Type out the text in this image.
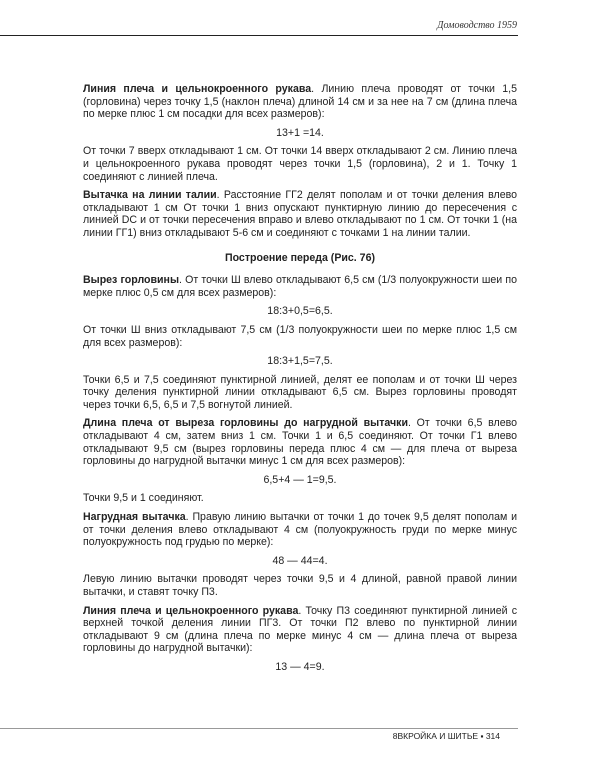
Домоводство 1959

Линия плеча и цельнокроенного рукава. Линию плеча проводят от точки 1,5 (горловина) через точку 1,5 (наклон плеча) длиной 14 см и за нее на 7 см (длина плеча по мерке плюс 1 см посадки для всех размеров):

13+1 =14.

От точки 7 вверх откладывают 1 см. От точки 14 вверх откладывают 2 см. Линию плеча и цельнокроенного рукава проводят через точки 1,5 (горловина), 2 и 1. Точку 1 соединяют с линией плеча.

Вытачка на линии талии. Расстояние ГГ2 делят пополам и от точки деления влево откладывают 1 см От точки 1 вниз опускают пунктирную линию до пересечения с линией DC и от точки пересечения вправо и влево откладывают по 1 см. От точки 1 (на линии ГГ1) вниз откладывают 5-6 см и соединяют с точками 1 на линии талии.

Построение переда (Рис. 76)

Вырез горловины. От точки Ш влево откладывают 6,5 см (1/3 полуокружности шеи по мерке плюс 0,5 см для всех размеров):

18:3+0,5=6,5.

От точки Ш вниз откладывают 7,5 см (1/3 полуокружности шеи по мерке плюс 1,5 см для всех размеров):

18:3+1,5=7,5.

Точки 6,5 и 7,5 соединяют пунктирной линией, делят ее пополам и от точки Ш через точку деления пунктирной линии откладывают 6,5 см. Вырез горловины проводят через точки 6,5, 6,5 и 7,5 вогнутой линией.

Длина плеча от выреза горловины до нагрудной вытачки. От точки 6,5 влево откладывают 4 см, затем вниз 1 см. Точки 1 и 6,5 соединяют. От точки Г1 влево откладывают 9,5 см (вырез горловины переда плюс 4 см — для плеча от выреза горловины до нагрудной вытачки минус 1 см для всех размеров):

6,5+4 — 1=9,5.

Точки 9,5 и 1 соединяют.

Нагрудная вытачка. Правую линию вытачки от точки 1 до точек 9,5 делят пополам и от точки деления влево откладывают 4 см (полуокружность груди по мерке минус полуокружность под грудью по мерке):

48 — 44=4.

Левую линию вытачки проводят через точки 9,5 и 4 длиной, равной правой линии вытачки, и ставят точку П3.

Линия плеча и цельнокроенного рукава. Точку П3 соединяют пунктирной линией с верхней точкой деления линии ПГ3. От точки П2 влево по пунктирной линии откладывают 9 см (длина плеча по мерке минус 4 см — длина плеча от выреза горловины до нагрудной вытачки):

13 — 4=9.

8ВКРОЙКА И ШИТЬЕ ▪ 314
